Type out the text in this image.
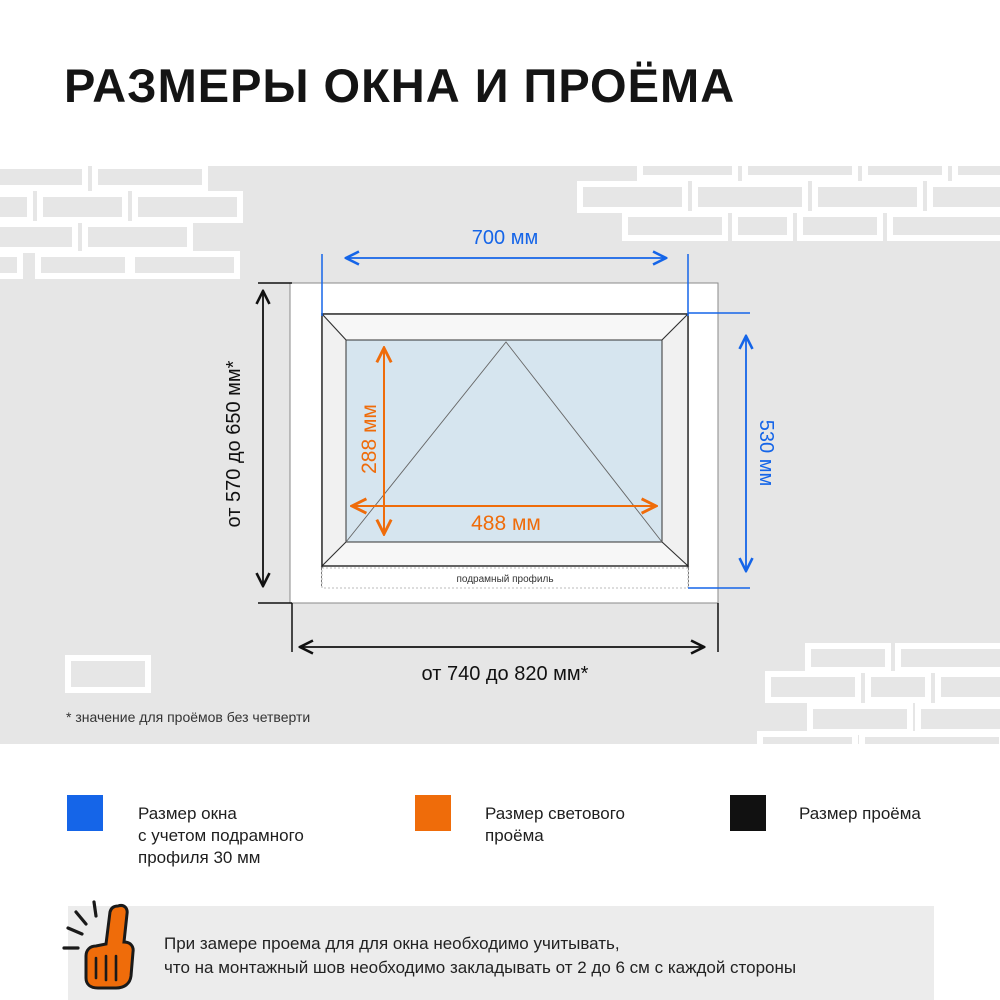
РАЗМЕРЫ ОКНА И ПРОЁМА
подрамный профиль
700 мм
530 мм
288 мм
488 мм
от 570 до 650 мм*
от 740 до 820 мм*
* значение для проёмов без четверти
Размер окна
с учетом подрамного
профиля 30 мм
Размер светового
проёма
Размер проёма
При замере проема для для окна необходимо учитывать,
что на монтажный шов необходимо закладывать от 2 до 6 см с каждой стороны
